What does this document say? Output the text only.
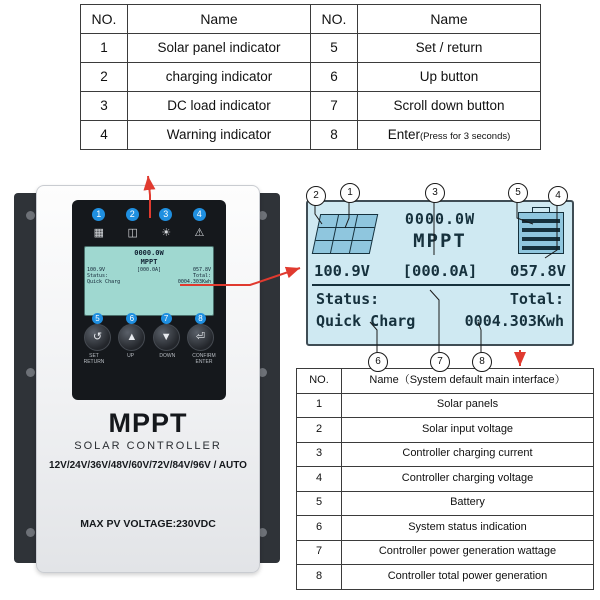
NO.	Name	NO.	Name
1	Solar panel indicator	5	Set / return
2	charging indicator	6	Up button
3	DC load indicator	7	Scroll down button
4	Warning indicator	8	Enter(Press for 3 seconds)
1	2	3	4
▦ ◫ ☀ ⚠
0000.0W
MPPT
100.9V	[000.0A]	057.8V
Status:	Total:
Quick Charg	0004.303Kwh
5
↺
6
▲
7
▼
8
⏎
SET
RETURN
UP	DOWN	CONFIRM
ENTER
MPPT
SOLAR CONTROLLER
12V/24V/36V/48V/60V/72V/84V/96V / AUTO
MAX PV VOLTAGE:230VDC
0000.0W
MPPT
100.9V [000.0A] 057.8V
Status:	Total:
Quick Charg	0004.303Kwh
2	1	3	5	4
6	7	8
NO.	Name（System default main interface）
1	Solar panels
2	Solar input voltage
3	Controller charging current
4	Controller charging voltage
5	Battery
6	System status indication
7	Controller power generation wattage
8	Controller total power generation
